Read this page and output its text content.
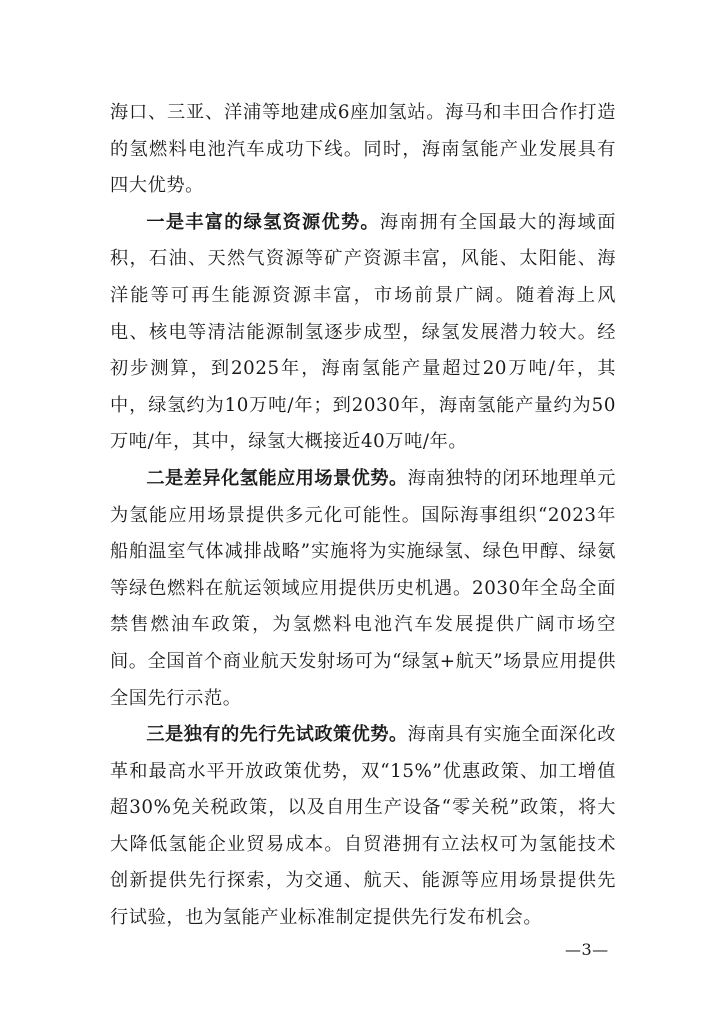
海口、三亚、洋浦等地建成6座加氢站。海马和丰田合作打造的氢燃料电池汽车成功下线。同时，海南氢能产业发展具有四大优势。

一是丰富的绿氢资源优势。海南拥有全国最大的海域面积，石油、天然气资源等矿产资源丰富，风能、太阳能、海洋能等可再生能源资源丰富，市场前景广阔。随着海上风电、核电等清洁能源制氢逐步成型，绿氢发展潜力较大。经初步测算，到2025年，海南氢能产量超过20万吨/年，其中，绿氢约为10万吨/年；到2030年，海南氢能产量约为50万吨/年，其中，绿氢大概接近40万吨/年。

二是差异化氢能应用场景优势。海南独特的闭环地理单元为氢能应用场景提供多元化可能性。国际海事组织“2023年船舶温室气体减排战略”实施将为实施绿氢、绿色甲醇、绿氨等绿色燃料在航运领域应用提供历史机遇。2030年全岛全面禁售燃油车政策，为氢燃料电池汽车发展提供广阔市场空间。全国首个商业航天发射场可为“绿氢+航天”场景应用提供全国先行示范。

三是独有的先行先试政策优势。海南具有实施全面深化改革和最高水平开放政策优势，双“15%”优惠政策、加工增值超30%免关税政策，以及自用生产设备“零关税”政策，将大大降低氢能企业贸易成本。自贸港拥有立法权可为氢能技术创新提供先行探索，为交通、航天、能源等应用场景提供先行试验，也为氢能产业标准制定提供先行发布机会。

—3—
